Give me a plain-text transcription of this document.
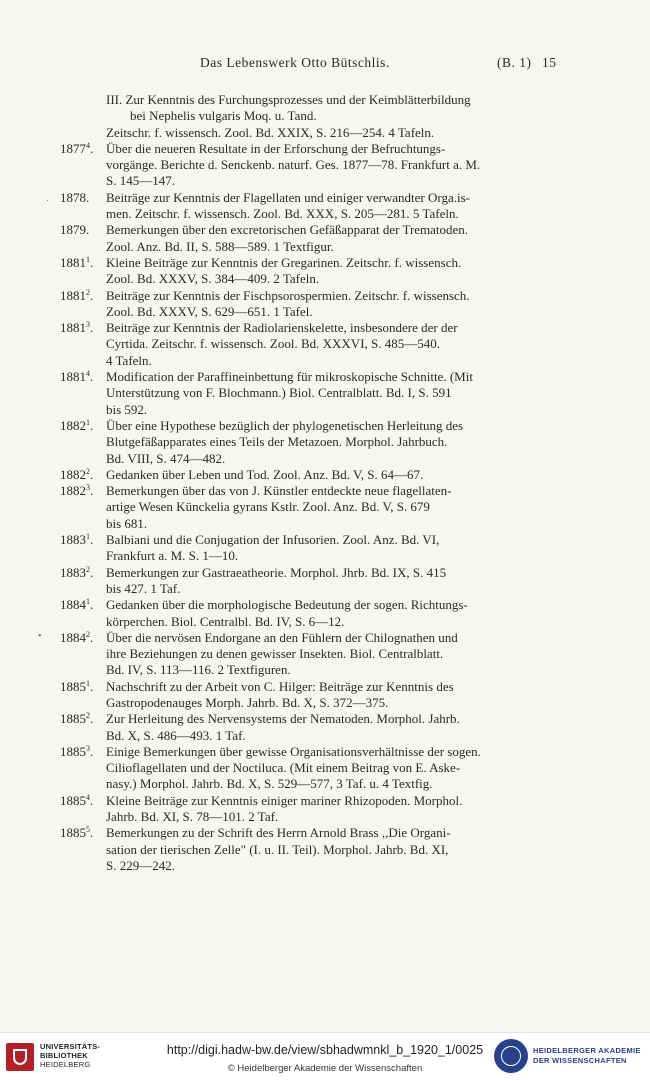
Das Lebenswerk Otto Bütschlis.	(B. 1) 15
III. Zur Kenntnis des Furchungsprozesses und der Keimblätterbildung
bei Nephelis vulgaris Moq. u. Tand.
Zeitschr. f. wissensch. Zool. Bd. XXIX, S. 216—254. 4 Tafeln.
1877$^4$. Über die neueren Resultate in der Erforschung der Befruchtungs-
vorgänge. Berichte d. Senckenb. naturf. Ges. 1877—78. Frankfurt a. M.
S. 145—147.
1878.	Beiträge zur Kenntnis der Flagellaten und einiger verwandter Orga.is-
men. Zeitschr. f. wissensch. Zool. Bd. XXX, S. 205—281. 5 Tafeln.
1879.	Bemerkungen über den excretorischen Gefäßapparat der Trematoden.
Zool. Anz. Bd. II, S. 588—589. 1 Textfigur.
1881$^1$. Kleine Beiträge zur Kenntnis der Gregarinen. Zeitschr. f. wissensch.
Zool. Bd. XXXV, S. 384—409. 2 Tafeln.
1881$^2$. Beiträge zur Kenntnis der Fischpsorospermien. Zeitschr. f. wissensch.
Zool. Bd. XXXV, S. 629—651. 1 Tafel.
1881$^3$. Beiträge zur Kenntnis der Radiolarienskelette, insbesondere der der
Cyrtida. Zeitschr. f. wissensch. Zool. Bd. XXXVI, S. 485—540.
4 Tafeln.
1881$^4$. Modification der Paraffineinbettung für mikroskopische Schnitte. (Mit
Unterstützung von F. Blochmann.) Biol. Centralblatt. Bd. I, S. 591
bis 592.
1882$^1$. Über eine Hypothese bezüglich der phylogenetischen Herleitung des
Blutgefäßapparates eines Teils der Metazoen. Morphol. Jahrbuch.
Bd. VIII, S. 474—482.
1882$^2$. Gedanken über Leben und Tod. Zool. Anz. Bd. V, S. 64—67.
1882$^3$. Bemerkungen über das von J. Künstler entdeckte neue flagellaten-
artige Wesen Künckelia gyrans Kstlr. Zool. Anz. Bd. V, S. 679
bis 681.
1883$^1$. Balbiani und die Conjugation der Infusorien. Zool. Anz. Bd. VI,
Frankfurt a. M. S. 1—10.
1883$^2$. Bemerkungen zur Gastraeatheorie. Morphol. Jhrb. Bd. IX, S. 415
bis 427. 1 Taf.
1884$^1$. Gedanken über die morphologische Bedeutung der sogen. Richtungs-
körperchen. Biol. Centralbl. Bd. IV, S. 6—12.
1884$^2$. Über die nervösen Endorgane an den Fühlern der Chilognathen und
ihre Beziehungen zu denen gewisser Insekten. Biol. Centralblatt.
Bd. IV, S. 113—116. 2 Textfiguren.
1885$^1$. Nachschrift zu der Arbeit von C. Hilger: Beiträge zur Kenntnis des
Gastropodenauges Morph. Jahrb. Bd. X, S. 372—375.
1885$^2$. Zur Herleitung des Nervensystems der Nematoden. Morphol. Jahrb.
Bd. X, S. 486—493. 1 Taf.
1885$^3$. Einige Bemerkungen über gewisse Organisationsverhältnisse der sogen.
Cilioflagellaten und der Noctiluca. (Mit einem Beitrag von E. Aske-
nasy.) Morphol. Jahrb. Bd. X, S. 529—577, 3 Taf. u. 4 Textfig.
1885$^4$. Kleine Beiträge zur Kenntnis einiger mariner Rhizopoden. Morphol.
Jahrb. Bd. XI, S. 78—101. 2 Taf.
1885$^5$. Bemerkungen zu der Schrift des Herrn Arnold Brass ,,Die Organi-
sation der tierischen Zelle" (I. u. II. Teil). Morphol. Jahrb. Bd. XI,
S. 229—242.
·
•
UNIVERSITÄTS-
BIBLIOTHEK
HEIDELBERG
http://digi.hadw-bw.de/view/sbhadwmnkl_b_1920_1/0025
© Heidelberger Akademie der Wissenschaften
HEIDELBERGER AKADEMIE
DER WISSENSCHAFTEN
